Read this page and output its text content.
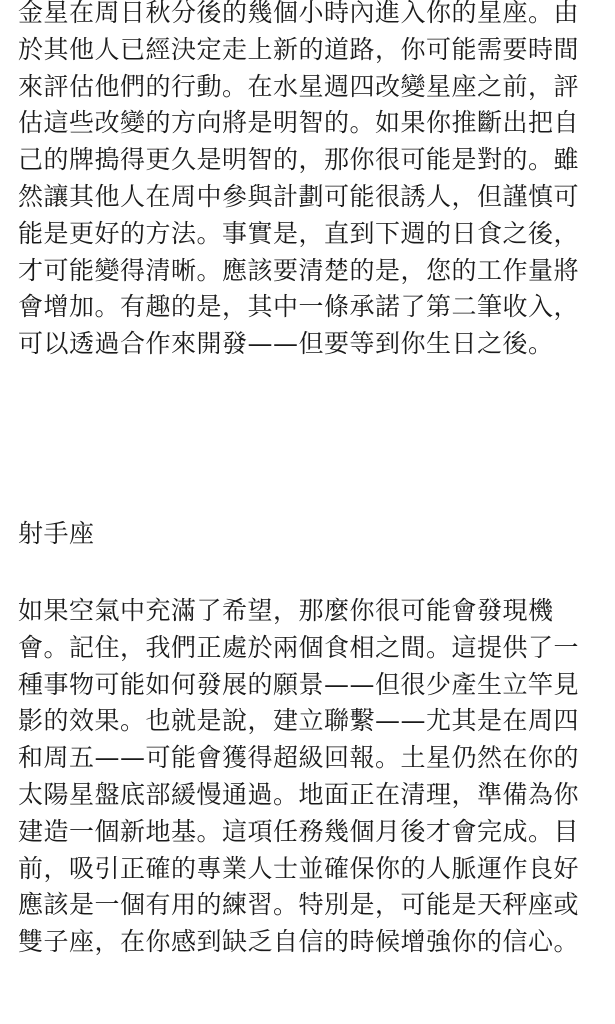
金星在周日秋分後的幾個小時內進入你的星座。由
於其他人已經決定走上新的道路，你可能需要時間
來評估他們的行動。在水星週四改變星座之前，評
估這些改變的方向將是明智的。如果你推斷出把自
己的牌搗得更久是明智的，那你很可能是對的。雖
然讓其他人在周中參與計劃可能很誘人，但謹慎可
能是更好的方法。事實是，直到下週的日食之後，
才可能變得清晰。應該要清楚的是，您的工作量將
會增加。有趣的是，其中一條承諾了第二筆收入，
可以透過合作來開發——但要等到你生日之後。

射手座

如果空氣中充滿了希望，那麼你很可能會發現機
會。記住，我們正處於兩個食相之間。這提供了一
種事物可能如何發展的願景——但很少產生立竿見
影的效果。也就是說，建立聯繫——尤其是在周四
和周五——可能會獲得超級回報。土星仍然在你的
太陽星盤底部緩慢通過。地面正在清理，準備為你
建造一個新地基。這項任務幾個月後才會完成。目
前，吸引正確的專業人士並確保你的人脈運作良好
應該是一個有用的練習。特別是，可能是天秤座或
雙子座，在你感到缺乏自信的時候增強你的信心。
